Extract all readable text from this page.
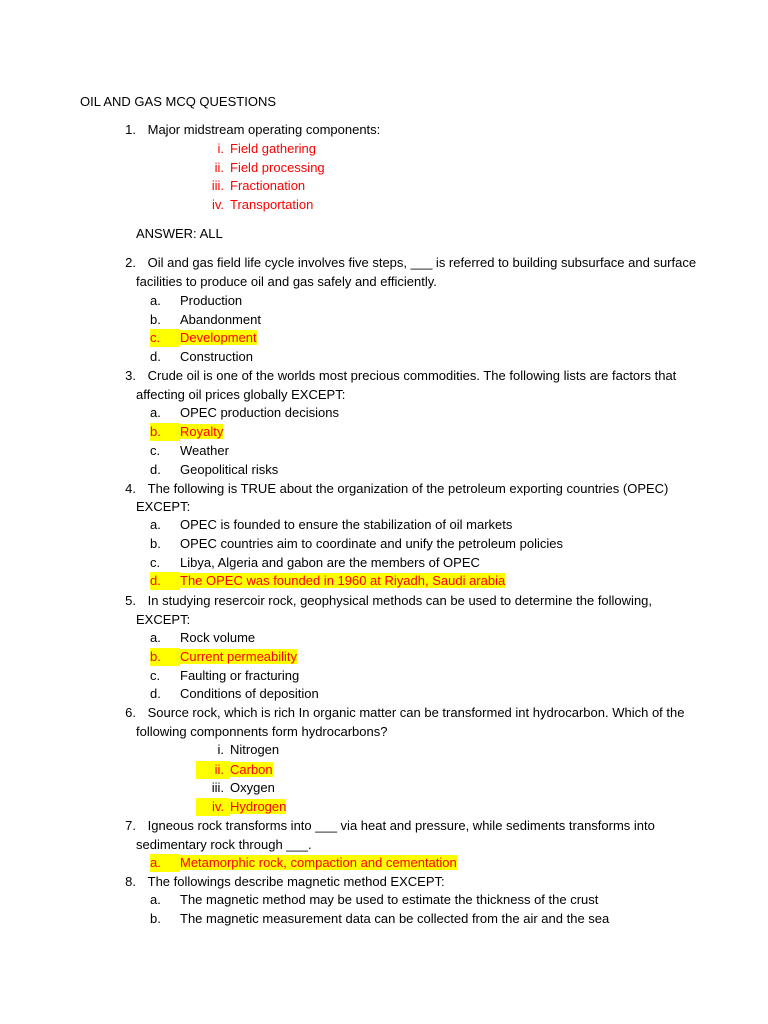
OIL AND GAS MCQ QUESTIONS
1. Major midstream operating components:
i. Field gathering
ii. Field processing
iii. Fractionation
iv. Transportation
ANSWER: ALL
2. Oil and gas field life cycle involves five steps, ___ is referred to building subsurface and surface
facilities to produce oil and gas safely and efficiently.
a. Production
b. Abandonment
c. Development
d. Construction
3. Crude oil is one of the worlds most precious commodities. The following lists are factors that
affecting oil prices globally EXCEPT:
a. OPEC production decisions
b. Royalty
c. Weather
d. Geopolitical risks
4. The following is TRUE about the organization of the petroleum exporting countries (OPEC)
EXCEPT:
a. OPEC is founded to ensure the stabilization of oil markets
b. OPEC countries aim to coordinate and unify the petroleum policies
c. Libya, Algeria and gabon are the members of OPEC
d. The OPEC was founded in 1960 at Riyadh, Saudi arabia
5. In studying resercoir rock, geophysical methods can be used to determine the following,
EXCEPT:
a. Rock volume
b. Current permeability
c. Faulting or fracturing
d. Conditions of deposition
6. Source rock, which is rich In organic matter can be transformed int hydrocarbon. Which of the
following componnents form hydrocarbons?
i. Nitrogen
ii. Carbon
iii. Oxygen
iv. Hydrogen
7. Igneous rock transforms into ___ via heat and pressure, while sediments transforms into
sedimentary rock through ___.
a. Metamorphic rock, compaction and cementation
8. The followings describe magnetic method EXCEPT:
a. The magnetic method may be used to estimate the thickness of the crust
b. The magnetic measurement data can be collected from the air and the sea
